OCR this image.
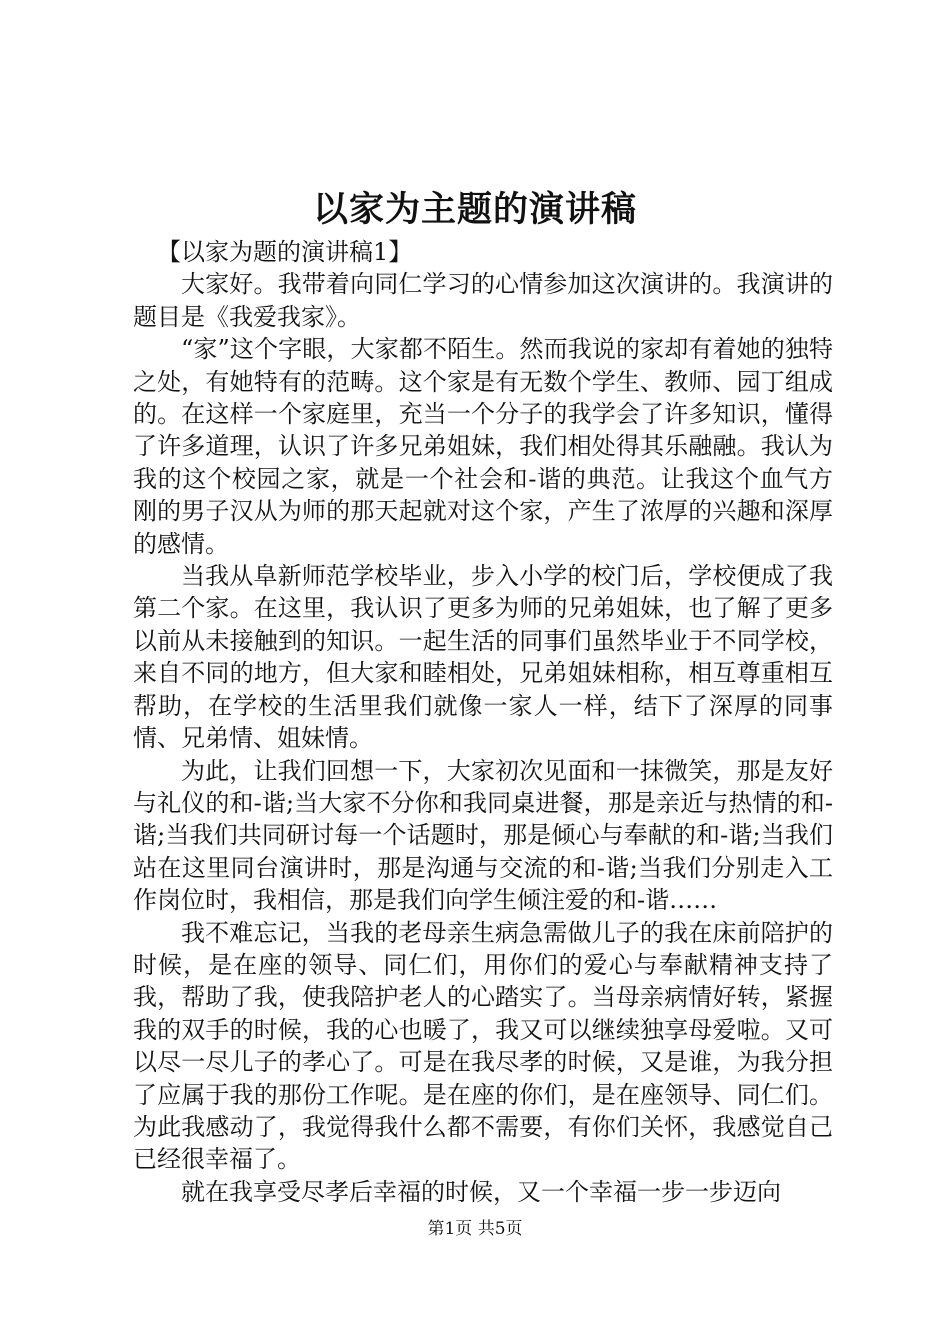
以家为主题的演讲稿

【以家为题的演讲稿1】

大家好。我带着向同仁学习的心情参加这次演讲的。我演讲的题目是《我爱我家》。

“家”这个字眼，大家都不陌生。然而我说的家却有着她的独特之处，有她特有的范畴。这个家是有无数个学生、教师、园丁组成的。在这样一个家庭里，充当一个分子的我学会了许多知识，懂得了许多道理，认识了许多兄弟姐妹，我们相处得其乐融融。我认为我的这个校园之家，就是一个社会和-谐的典范。让我这个血气方刚的男子汉从为师的那天起就对这个家，产生了浓厚的兴趣和深厚的感情。

当我从阜新师范学校毕业，步入小学的校门后，学校便成了我第二个家。在这里，我认识了更多为师的兄弟姐妹，也了解了更多以前从未接触到的知识。一起生活的同事们虽然毕业于不同学校，来自不同的地方，但大家和睦相处，兄弟姐妹相称，相互尊重相互帮助，在学校的生活里我们就像一家人一样，结下了深厚的同事情、兄弟情、姐妹情。

为此，让我们回想一下，大家初次见面和一抹微笑，那是友好与礼仪的和-谐;当大家不分你和我同桌进餐，那是亲近与热情的和-谐;当我们共同研讨每一个话题时，那是倾心与奉献的和-谐;当我们站在这里同台演讲时，那是沟通与交流的和-谐;当我们分别走入工作岗位时，我相信，那是我们向学生倾注爱的和-谐……

我不难忘记，当我的老母亲生病急需做儿子的我在床前陪护的时候，是在座的领导、同仁们，用你们的爱心与奉献精神支持了我，帮助了我，使我陪护老人的心踏实了。当母亲病情好转，紧握我的双手的时候，我的心也暖了，我又可以继续独享母爱啦。又可以尽一尽儿子的孝心了。可是在我尽孝的时候，又是谁，为我分担了应属于我的那份工作呢。是在座的你们，是在座领导、同仁们。为此我感动了，我觉得我什么都不需要，有你们关怀，我感觉自己已经很幸福了。

就在我享受尽孝后幸福的时候，又一个幸福一步一步迈向

第1页 共5页
